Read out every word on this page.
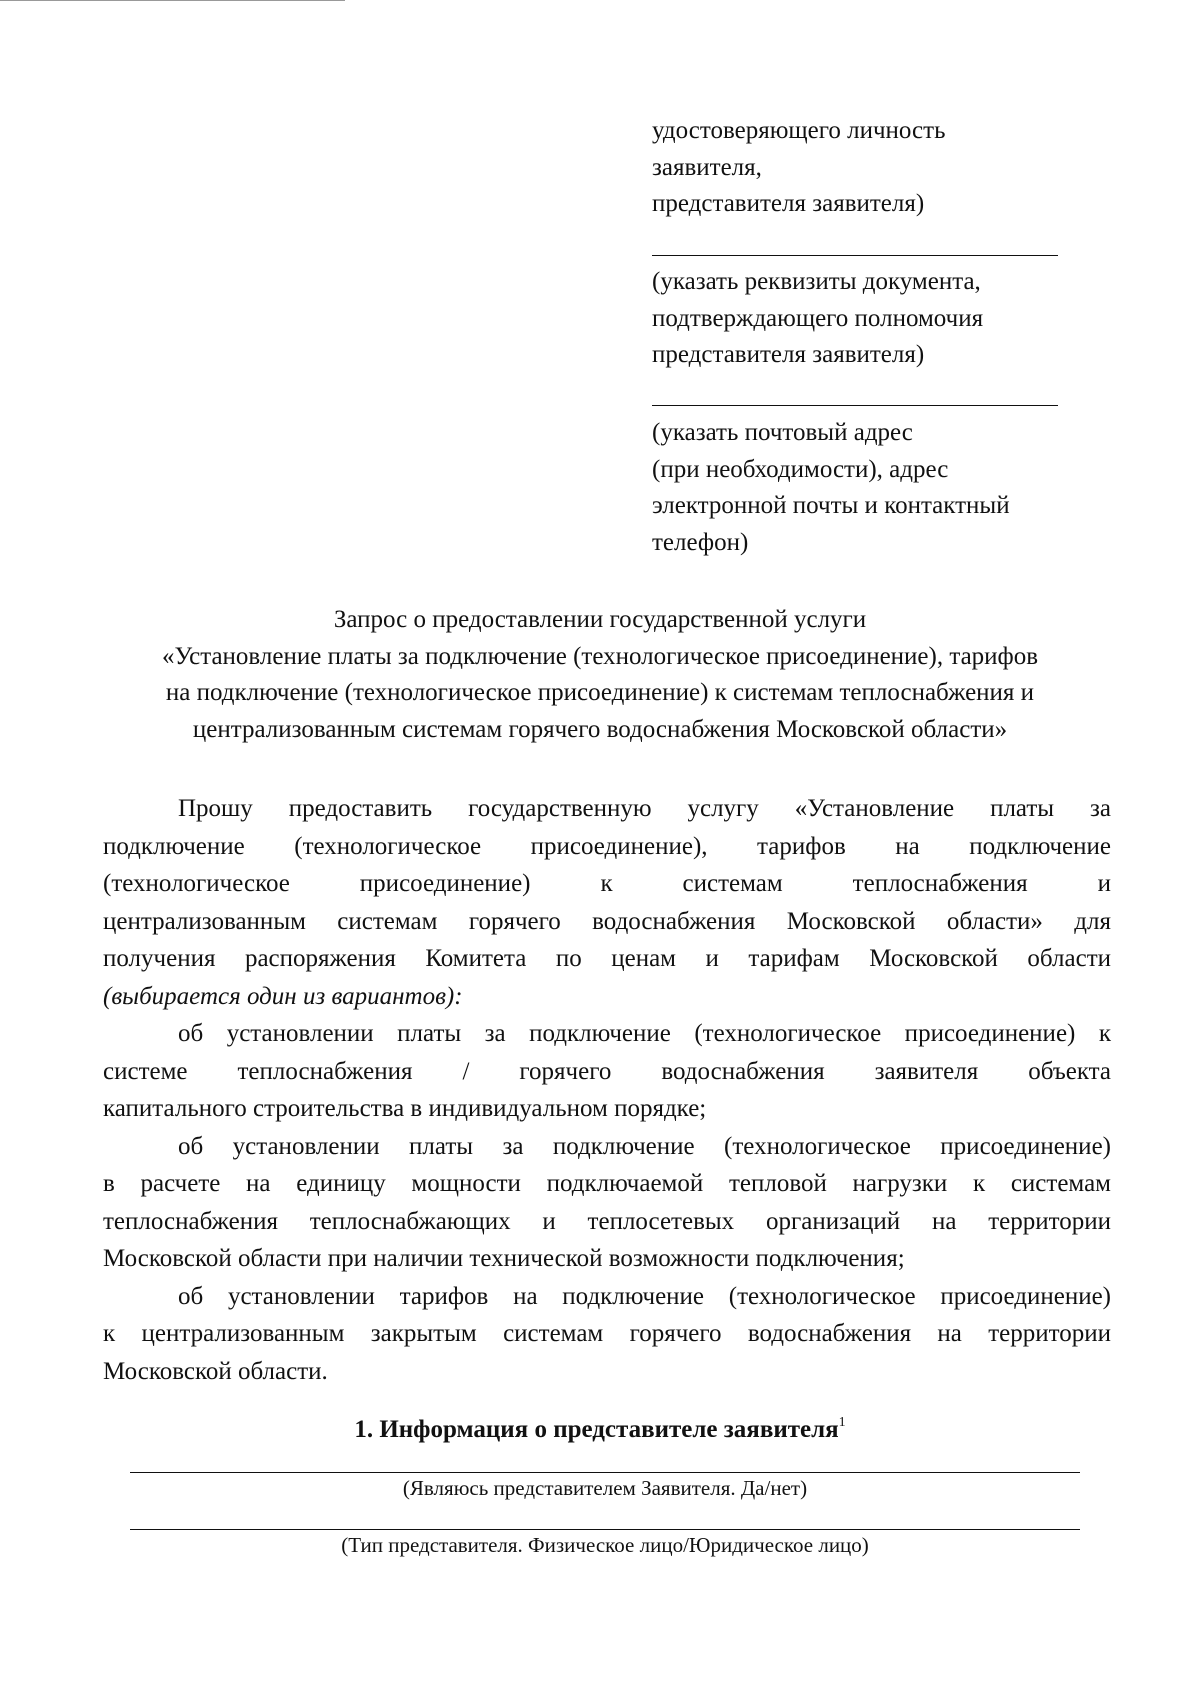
удостоверяющего личность
заявителя,
представителя заявителя)
(указать реквизиты документа,
подтверждающего полномочия
представителя заявителя)
(указать почтовый адрес
(при необходимости), адрес
электронной почты и контактный
телефон)
Запрос о предоставлении государственной услуги
«Установление платы за подключение (технологическое присоединение), тарифов
на подключение (технологическое присоединение) к системам теплоснабжения и
централизованным системам горячего водоснабжения Московской области»
Прошу предоставить государственную услугу «Установление платы за
подключение (технологическое присоединение), тарифов на подключение
(технологическое присоединение) к системам теплоснабжения и
централизованным системам горячего водоснабжения Московской области» для
получения распоряжения Комитета по ценам и тарифам Московской области
(выбирается один из вариантов):
об установлении платы за подключение (технологическое присоединение) к
системе теплоснабжения / горячего водоснабжения заявителя объекта
капитального строительства в индивидуальном порядке;
об установлении платы за подключение (технологическое присоединение)
в расчете на единицу мощности подключаемой тепловой нагрузки к системам
теплоснабжения теплоснабжающих и теплосетевых организаций на территории
Московской области при наличии технической возможности подключения;
об установлении тарифов на подключение (технологическое присоединение)
к централизованным закрытым системам горячего водоснабжения на территории
Московской области.
1. Информация о представителе заявителя$^1$
(Являюсь представителем Заявителя. Да/нет)
(Тип представителя. Физическое лицо/Юридическое лицо)
